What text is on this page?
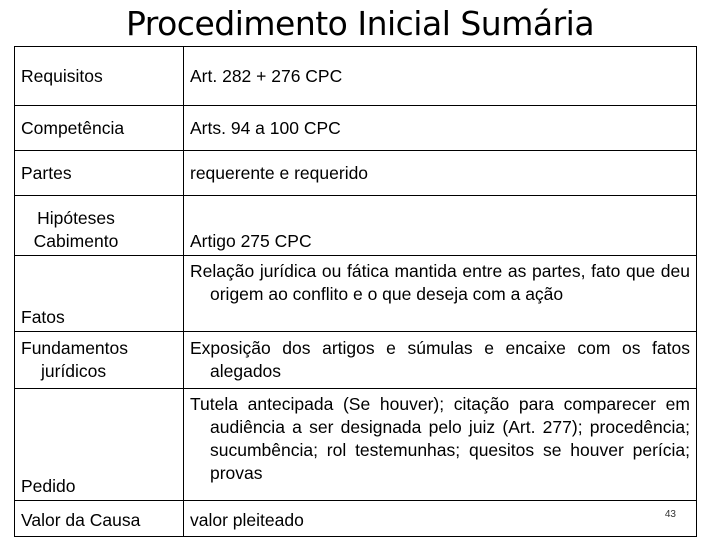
Procedimento Inicial Sumária
Requisitos	Art. 282 + 276 CPC
Competência	Arts. 94 a 100 CPC
Partes	requerente e requerido

Hipóteses Cabimento	Artigo 275 CPC
Fatos	Relação jurídica ou fática mantida entre as partes, fato que deu origem ao conflito e o que deseja com a ação

Fundamentos jurídicos	Exposição dos artigos e súmulas e encaixe com os fatos alegados

Pedido	Tutela antecipada (Se houver); citação para comparecer em audiência a ser designada pelo juiz (Art. 277); procedência; sucumbência; rol testemunhas; quesitos se houver perícia; provas

Valor da Causa	valor pleiteado	43
